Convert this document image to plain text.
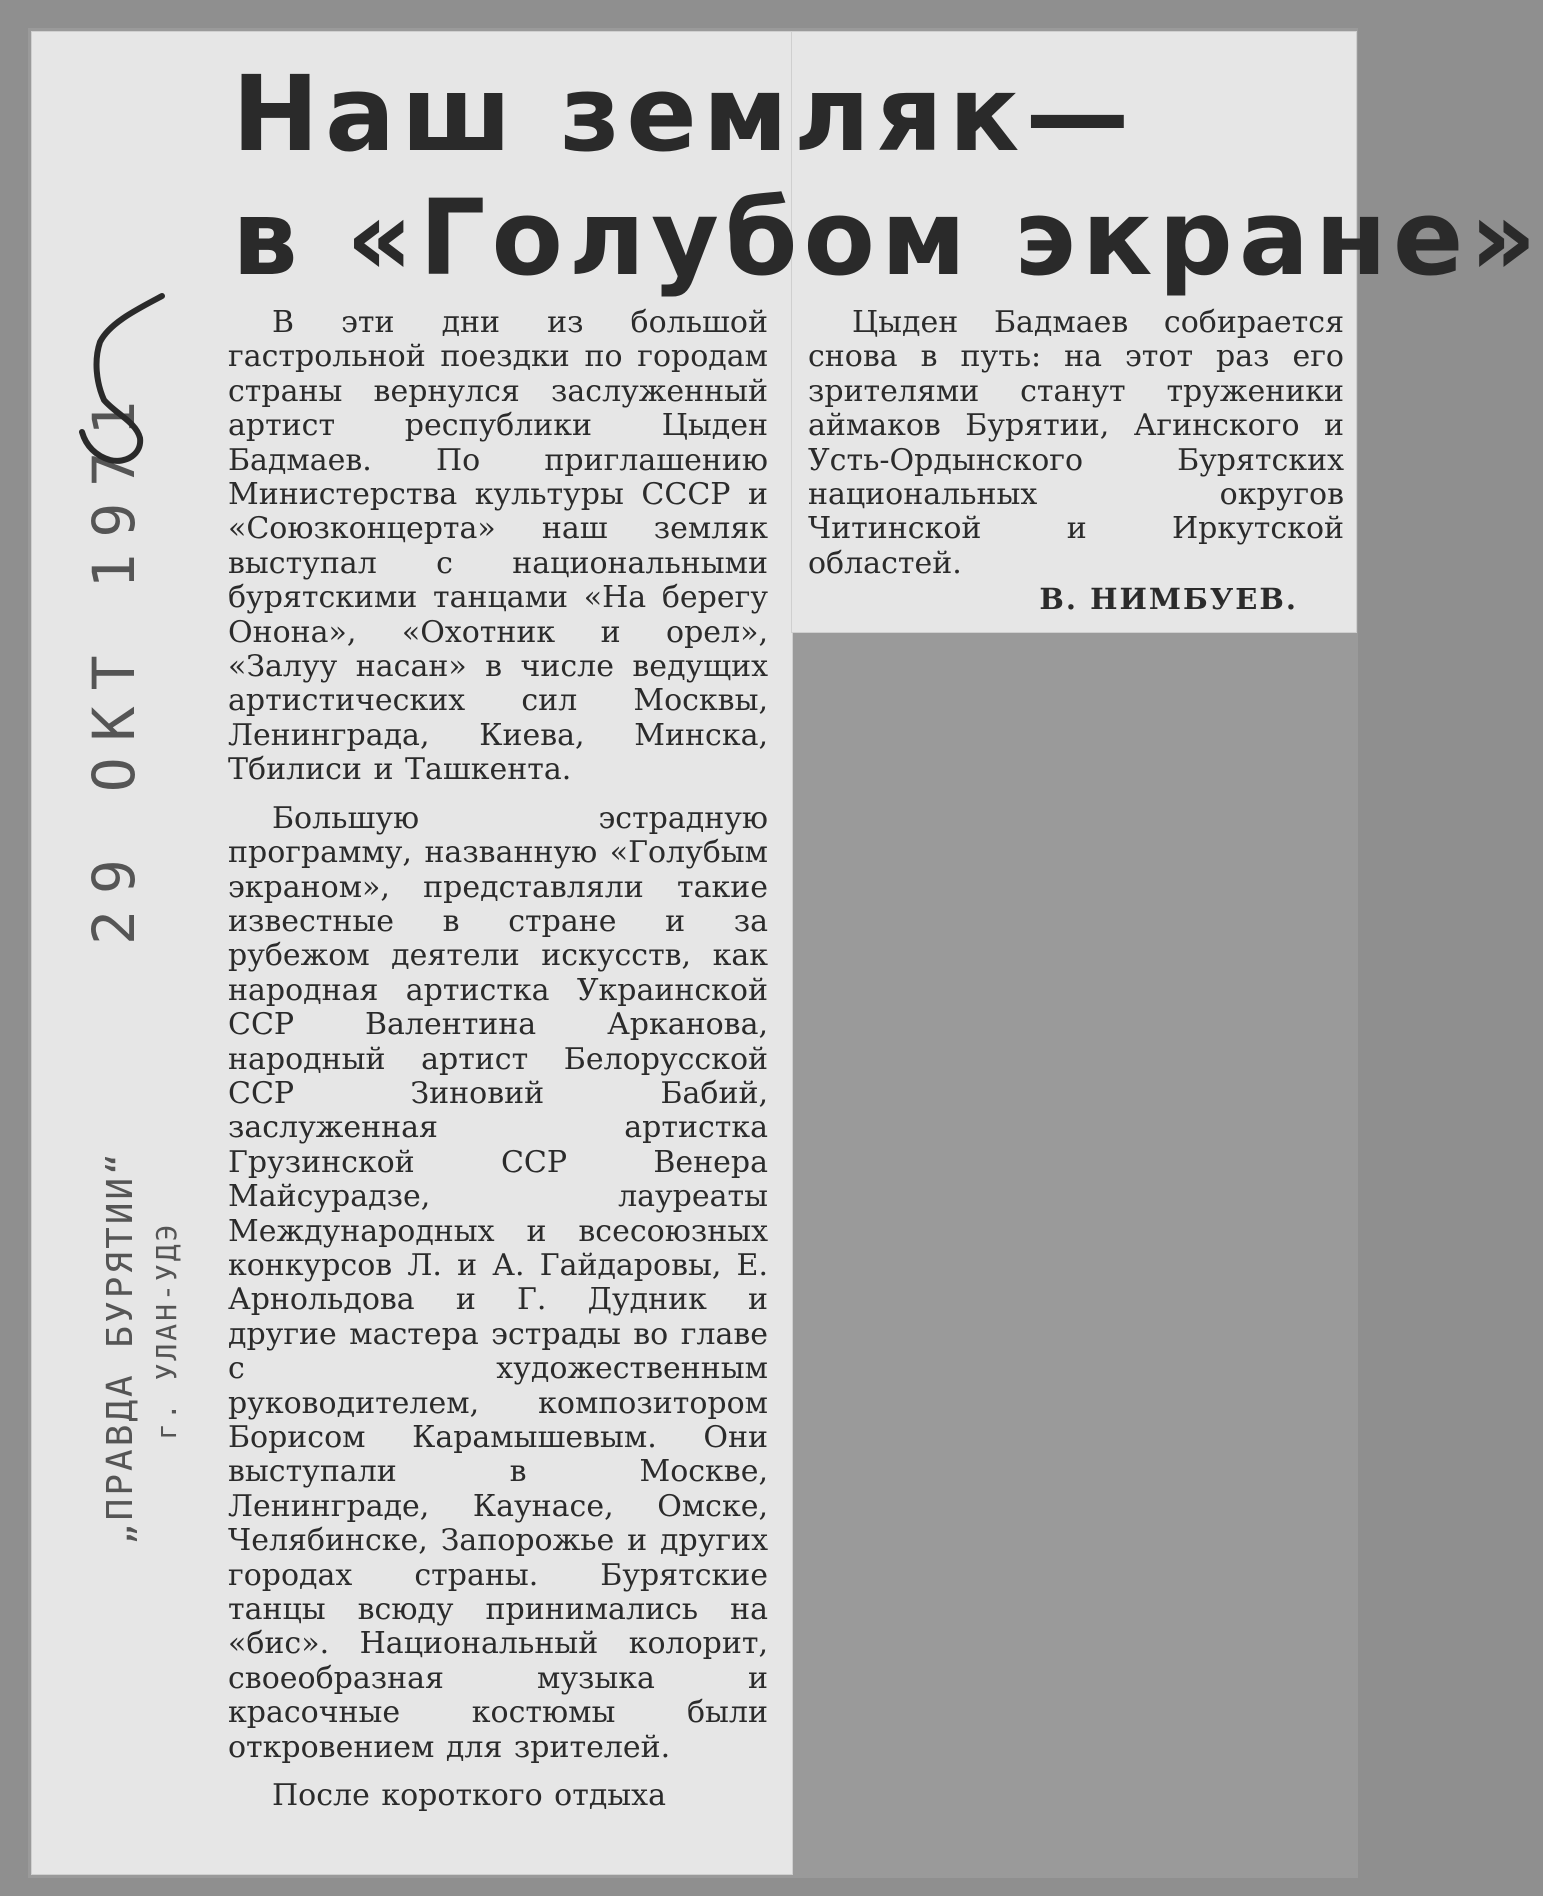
Наш земляк—
в «Голубом экране»

В эти дни из большой гастрольной поездки по городам страны вернулся заслуженный артист республики Цыден Бадмаев. По приглашению Министерства культуры СССР и «Союзконцерта» наш земляк выступал с национальными бурятскими танцами «На берегу Онона», «Охотник и орел», «Залуу насан» в числе ведущих артистических сил Москвы, Ленинграда, Киева, Минска, Тбилиси и Ташкента.

Большую эстрадную программу, названную «Голубым экраном», представляли такие известные в стране и за рубежом деятели искусств, как народная артистка Украинской ССР Валентина Арканова, народный артист Белорусской ССР Зиновий Бабий, заслуженная артистка Грузинской ССР Венера Майсурадзе, лауреаты Международных и всесоюзных конкурсов Л. и А. Гайдаровы, Е. Арнольдова и Г. Дудник и другие мастера эстрады во главе с художественным руководителем, композитором Борисом Карамышевым. Они выступали в Москве, Ленинграде, Каунасе, Омске, Челябинске, Запорожье и других городах страны. Бурятские танцы всюду принимались на «бис». Национальный колорит, своеобразная музыка и красочные костюмы были откровением для зрителей.

После короткого отдыха

Цыден Бадмаев собирается снова в путь: на этот раз его зрителями станут труженики аймаков Бурятии, Агинского и Усть-Ордынского Бурятских национальных округов Читинской и Иркутской областей.

В. НИМБУЕВ.
29 ОКТ 1971
„ПРАВДА БУРЯТИИ“ г. УЛАН-УДЭ
